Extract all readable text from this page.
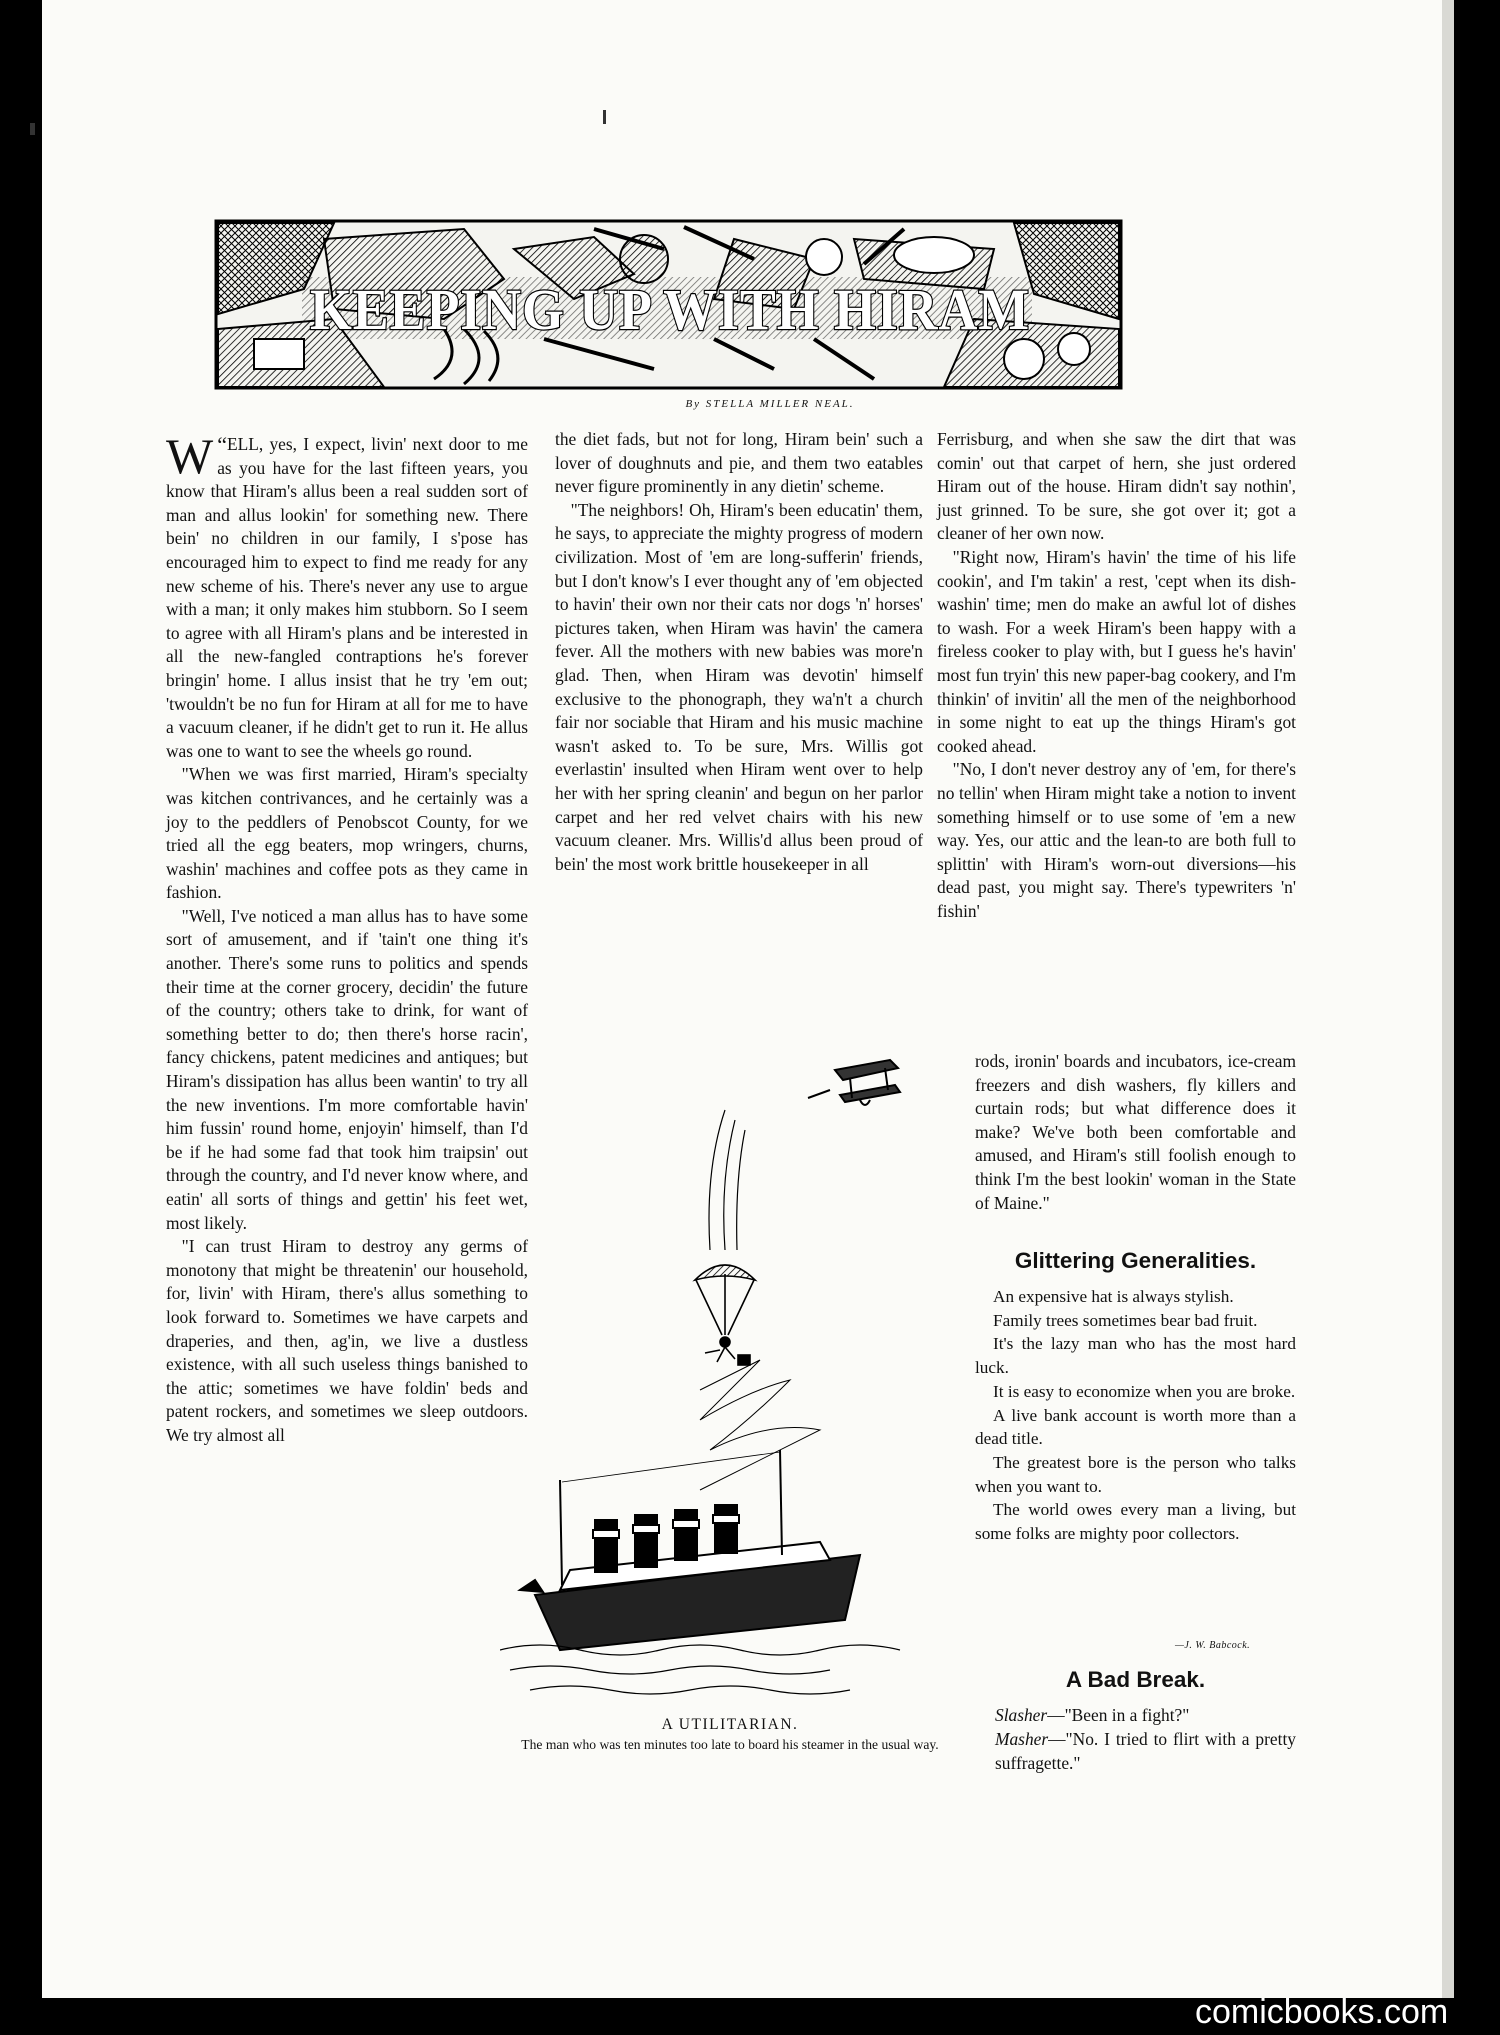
KEEPING UP WITH HIRAM
By STELLA MILLER NEAL.

W “ELL, yes, I expect, livin' next door to me as you have for the last fifteen years, you know that Hiram's allus been a real sudden sort of man and allus lookin' for something new. There bein' no children in our family, I s'pose has encouraged him to expect to find me ready for any new scheme of his. There's never any use to argue with a man; it only makes him stubborn. So I seem to agree with all Hiram's plans and be interested in all the new-fangled contraptions he's forever bringin' home. I allus insist that he try 'em out; 'twouldn't be no fun for Hiram at all for me to have a vacuum cleaner, if he didn't get to run it. He allus was one to want to see the wheels go round.

"When we was first married, Hiram's specialty was kitchen contrivances, and he certainly was a joy to the peddlers of Penobscot County, for we tried all the egg beaters, mop wringers, churns, washin' machines and coffee pots as they came in fashion.

"Well, I've noticed a man allus has to have some sort of amusement, and if 'tain't one thing it's another. There's some runs to politics and spends their time at the corner grocery, decidin' the future of the country; others take to drink, for want of something better to do; then there's horse racin', fancy chickens, patent medicines and antiques; but Hiram's dissipation has allus been wantin' to try all the new inventions. I'm more comfortable havin' him fussin' round home, enjoyin' himself, than I'd be if he had some fad that took him traipsin' out through the country, and I'd never know where, and eatin' all sorts of things and gettin' his feet wet, most likely.

"I can trust Hiram to destroy any germs of monotony that might be threatenin' our household, for, livin' with Hiram, there's allus something to look forward to. Sometimes we have carpets and draperies, and then, ag'in, we live a dustless existence, with all such useless things banished to the attic; sometimes we have foldin' beds and patent rockers, and sometimes we sleep outdoors. We try almost all

the diet fads, but not for long, Hiram bein' such a lover of doughnuts and pie, and them two eatables never figure prominently in any dietin' scheme.

"The neighbors! Oh, Hiram's been educatin' them, he says, to appreciate the mighty progress of modern civilization. Most of 'em are long-sufferin' friends, but I don't know's I ever thought any of 'em objected to havin' their own nor their cats nor dogs 'n' horses' pictures taken, when Hiram was havin' the camera fever. All the mothers with new babies was more'n glad. Then, when Hiram was devotin' himself exclusive to the phonograph, they wa'n't a church fair nor sociable that Hiram and his music machine wasn't asked to. To be sure, Mrs. Willis got everlastin' insulted when Hiram went over to help her with her spring cleanin' and begun on her parlor carpet and her red velvet chairs with his new vacuum cleaner. Mrs. Willis'd allus been proud of bein' the most work brittle housekeeper in all

Ferrisburg, and when she saw the dirt that was comin' out that carpet of hern, she just ordered Hiram out of the house. Hiram didn't say nothin', just grinned. To be sure, she got over it; got a cleaner of her own now.

"Right now, Hiram's havin' the time of his life cookin', and I'm takin' a rest, 'cept when its dish-washin' time; men do make an awful lot of dishes to wash. For a week Hiram's been happy with a fireless cooker to play with, but I guess he's havin' most fun tryin' this new paper-bag cookery, and I'm thinkin' of invitin' all the men of the neighborhood in some night to eat up the things Hiram's got cooked ahead.

"No, I don't never destroy any of 'em, for there's no tellin' when Hiram might take a notion to invent something himself or to use some of 'em a new way. Yes, our attic and the lean-to are both full to splittin' with Hiram's worn-out diversions—his dead past, you might say. There's typewriters 'n' fishin'

rods, ironin' boards and incubators, ice-cream freezers and dish washers, fly killers and curtain rods; but what difference does it make? We've both been comfortable and amused, and Hiram's still foolish enough to think I'm the best lookin' woman in the State of Maine."

A UTILITARIAN.
The man who was ten minutes too late to board his steamer in the usual way.
Glittering Generalities.

An expensive hat is always stylish.

Family trees sometimes bear bad fruit.

It's the lazy man who has the most hard luck.

It is easy to economize when you are broke.

A live bank account is worth more than a dead title.

The greatest bore is the person who talks when you want to.

The world owes every man a living, but some folks are mighty poor collectors.

—J. W. Babcock.
A Bad Break.

Slasher—"Been in a fight?"

Masher—"No. I tried to flirt with a pretty suffragette."

comicbooks.com
